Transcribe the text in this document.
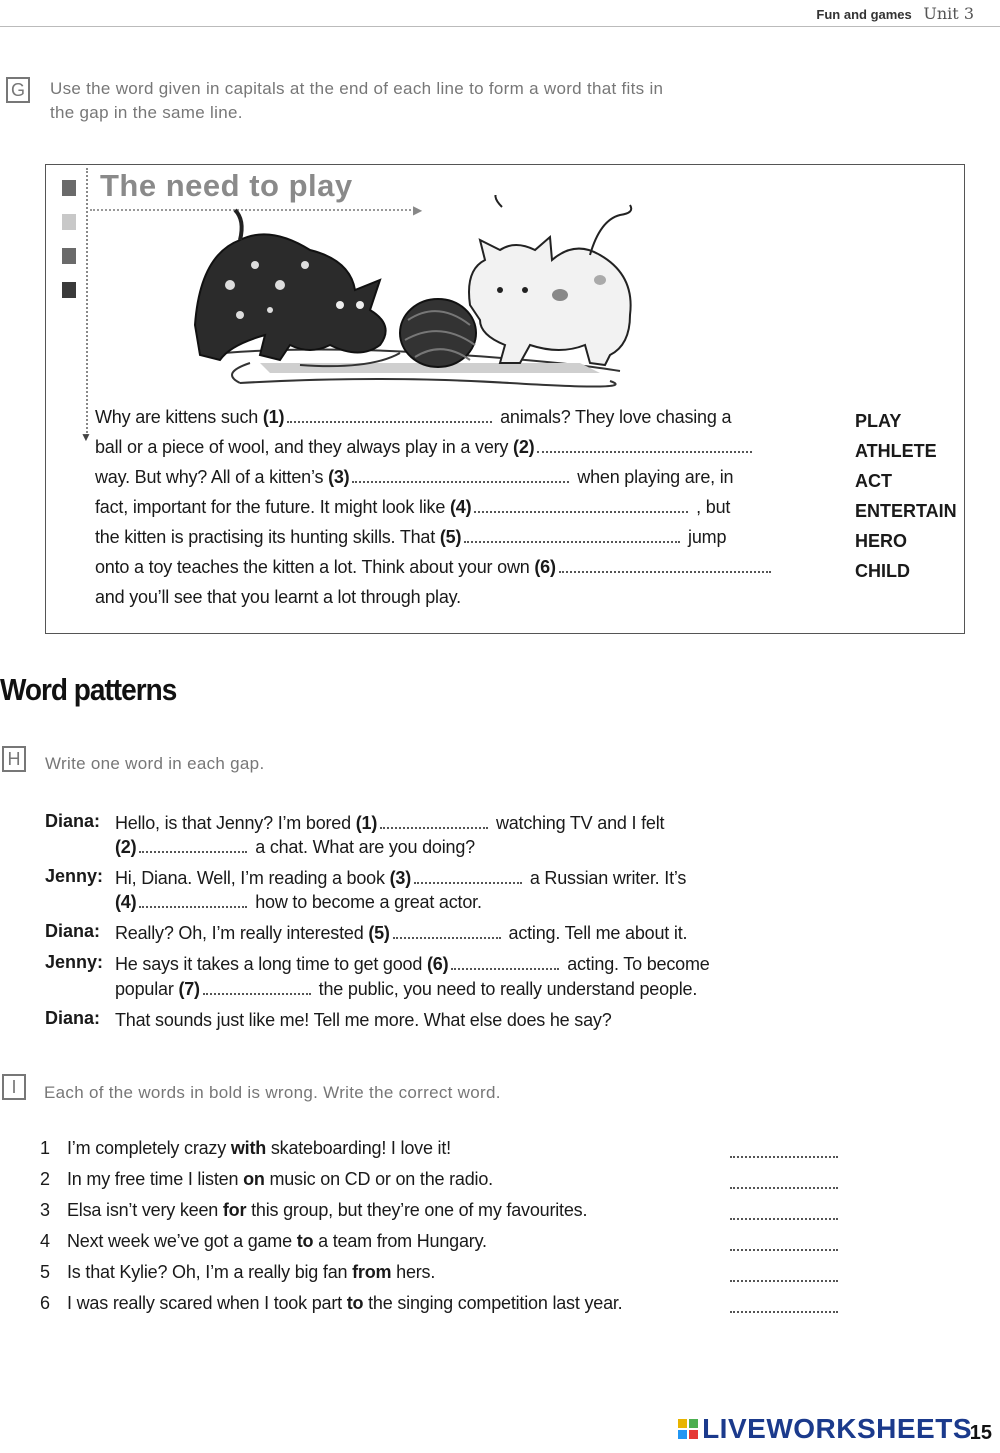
Fun and games Unit 3
G Use the word given in capitals at the end of each line to form a word that fits in
the gap in the same line.
▶
▼
The need to play
Why are kittens such (1)	animals? They love chasing a	PLAY
ball or a piece of wool, and they always play in a very (2)	ATHLETE
way. But why? All of a kitten’s (3)	when playing are, in	ACT
fact, important for the future. It might look like (4)	, but	ENTERTAIN
the kitten is practising its hunting skills. That (5)	jump	HERO
onto a toy teaches the kitten a lot. Think about your own (6)	CHILD
and you’ll see that you learnt a lot through play.
Word patterns
H	Write one word in each gap.
Diana: Hello, is that Jenny? I’m bored (1)	watching TV and I felt
(2)	a chat. What are you doing?
Jenny: Hi, Diana. Well, I’m reading a book (3)	a Russian writer. It’s
(4)	how to become a great actor.
Diana: Really? Oh, I’m really interested (5)	acting. Tell me about it.
Jenny: He says it takes a long time to get good (6)	acting. To become
popular (7)	the public, you need to really understand people.
Diana: That sounds just like me! Tell me more. What else does he say?
I	Each of the words in bold is wrong. Write the correct word.
1 I’m completely crazy with skateboarding! I love it!
2 In my free time I listen on music on CD or on the radio.
3 Elsa isn’t very keen for this group, but they’re one of my favourites.
4 Next week we’ve got a game to a team from Hungary.
5 Is that Kylie? Oh, I’m a really big fan from hers.
6 I was really scared when I took part to the singing competition last year.
LIVEWORKSHEETS
15
